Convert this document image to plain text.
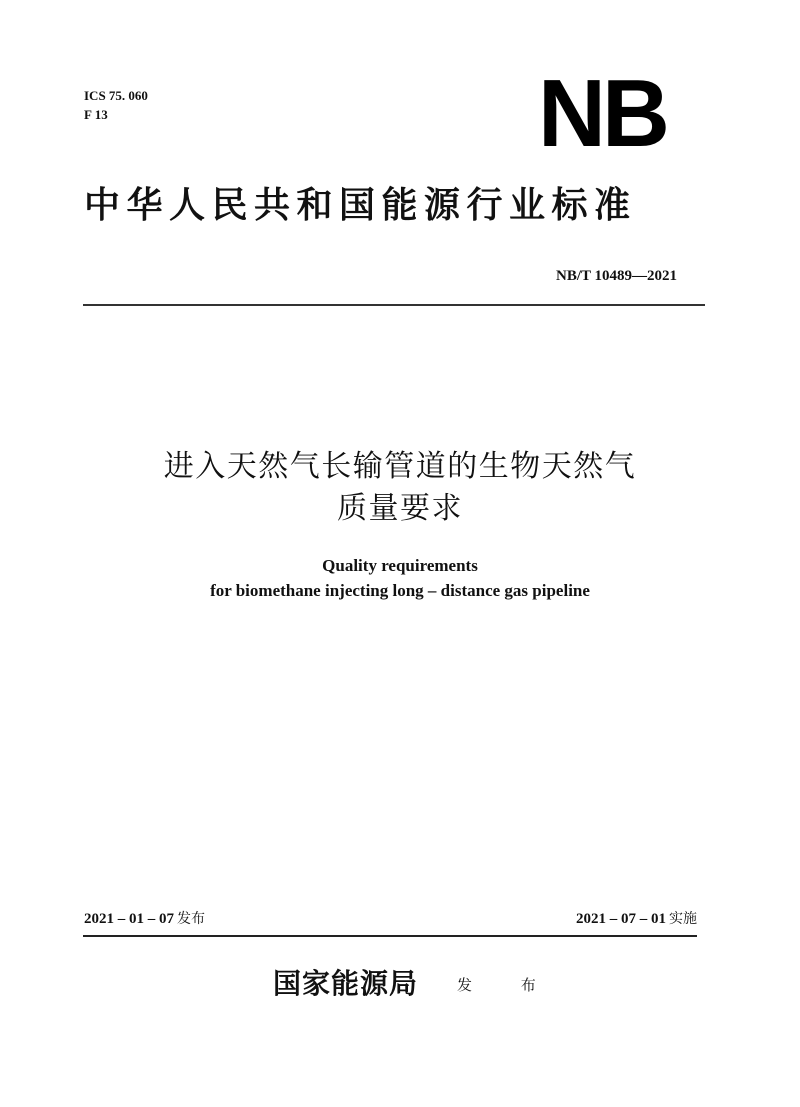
ICS 75. 060
F 13	NB
中华人民共和国能源行业标准
NB/T 10489—2021
进入天然气长输管道的生物天然气
质量要求
Quality requirements
for biomethane injecting long – distance gas pipeline
2021 – 01 – 07 发布	2021 – 07 – 01 实施
国家能源局	发 布
